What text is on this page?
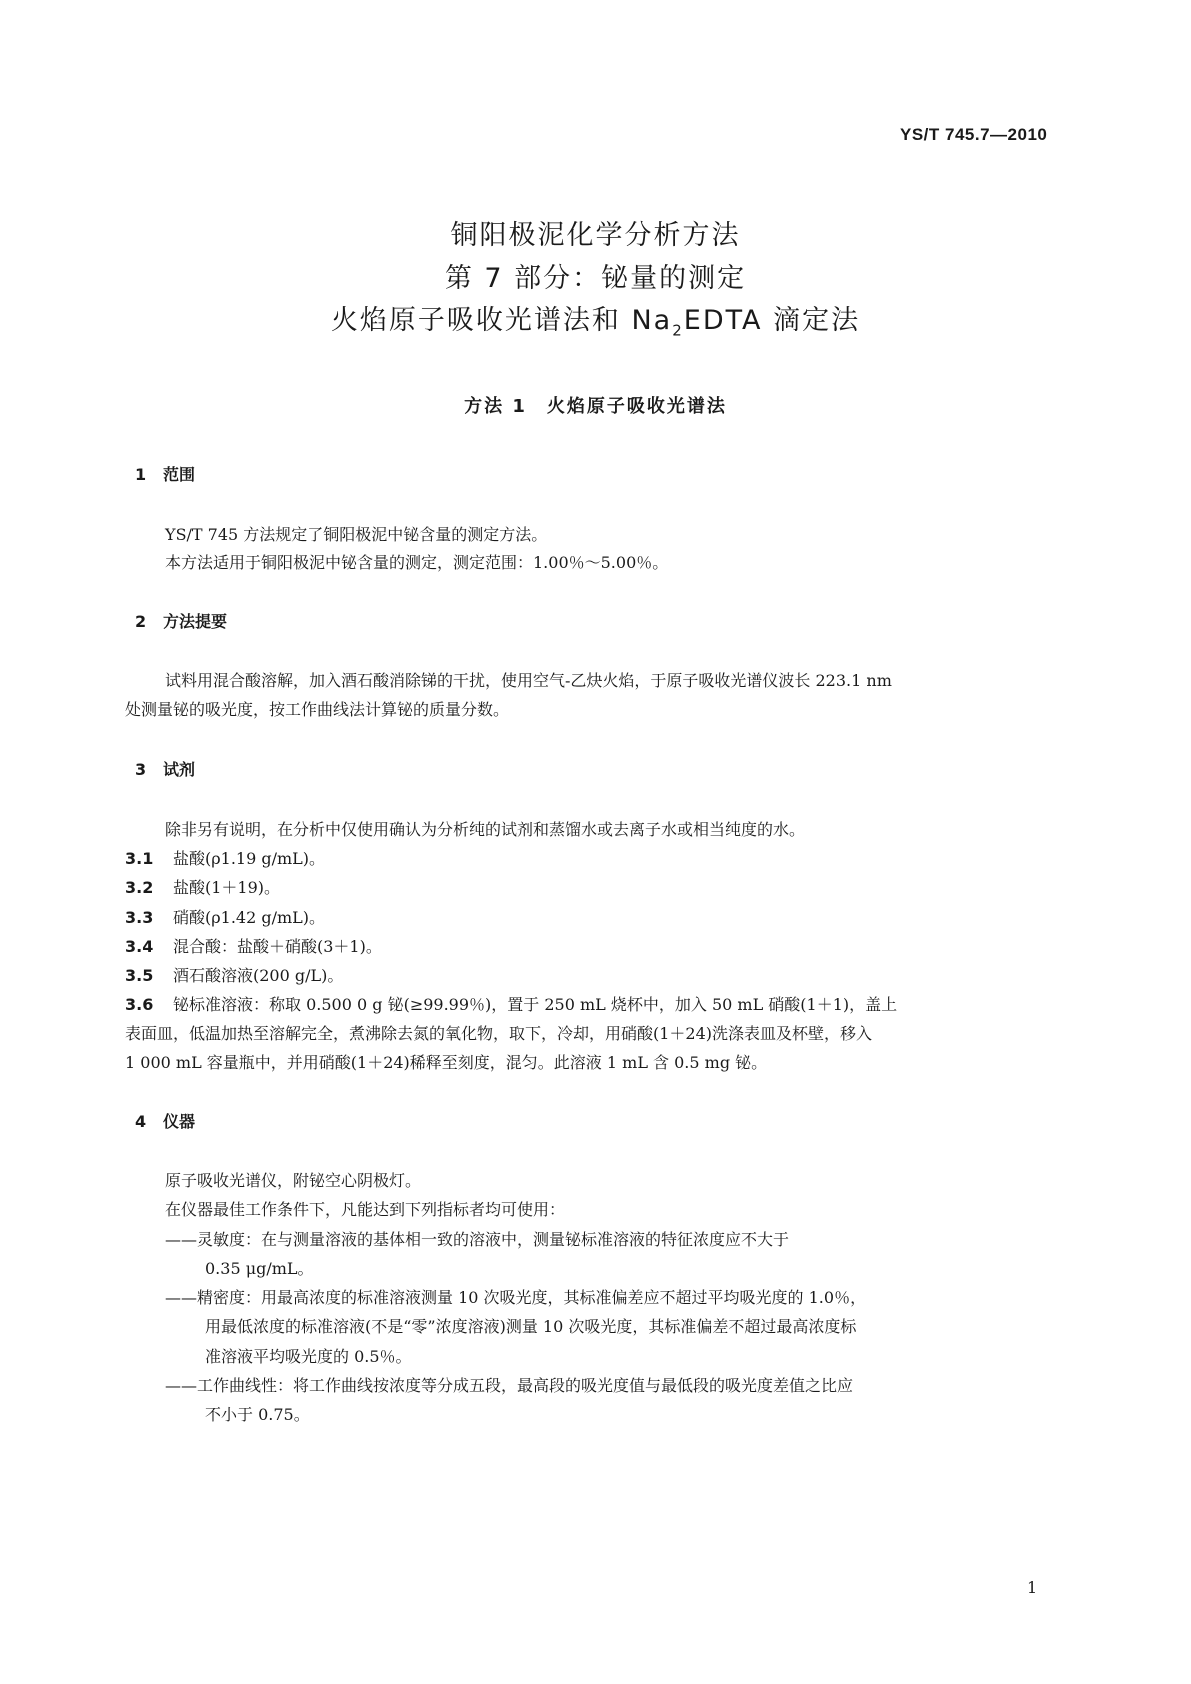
YS/T 745.7—2010
铜阳极泥化学分析方法
第 7 部分：铋量的测定
火焰原子吸收光谱法和 $Na_2EDTA$ 滴定法
方法 1　火焰原子吸收光谱法
1 范围
YS/T 745 方法规定了铜阳极泥中铋含量的测定方法。
本方法适用于铜阳极泥中铋含量的测定，测定范围：1.00％～5.00％。
2 方法提要
试料用混合酸溶解，加入酒石酸消除锑的干扰，使用空气-乙炔火焰，于原子吸收光谱仪波长 223.1 nm
处测量铋的吸光度，按工作曲线法计算铋的质量分数。
3 试剂
除非另有说明，在分析中仅使用确认为分析纯的试剂和蒸馏水或去离子水或相当纯度的水。
3.1 盐酸(ρ1.19 g/mL)。
3.2 盐酸(1＋19)。
3.3 硝酸(ρ1.42 g/mL)。
3.4 混合酸：盐酸＋硝酸(3＋1)。
3.5 酒石酸溶液(200 g/L)。
3.6 铋标准溶液：称取 0.500 0 g 铋(≥99.99％)，置于 250 mL 烧杯中，加入 50 mL 硝酸(1＋1)，盖上
表面皿，低温加热至溶解完全，煮沸除去氮的氧化物，取下，冷却，用硝酸(1＋24)洗涤表皿及杯壁，移入
1 000 mL 容量瓶中，并用硝酸(1＋24)稀释至刻度，混匀。此溶液 1 mL 含 0.5 mg 铋。
4 仪器
原子吸收光谱仪，附铋空心阴极灯。
在仪器最佳工作条件下，凡能达到下列指标者均可使用：
——灵敏度：在与测量溶液的基体相一致的溶液中，测量铋标准溶液的特征浓度应不大于
0.35 μg/mL。
——精密度：用最高浓度的标准溶液测量 10 次吸光度，其标准偏差应不超过平均吸光度的 1.0％，
用最低浓度的标准溶液(不是“零”浓度溶液)测量 10 次吸光度，其标准偏差不超过最高浓度标
准溶液平均吸光度的 0.5％。
——工作曲线性：将工作曲线按浓度等分成五段，最高段的吸光度值与最低段的吸光度差值之比应
不小于 0.75。
1
